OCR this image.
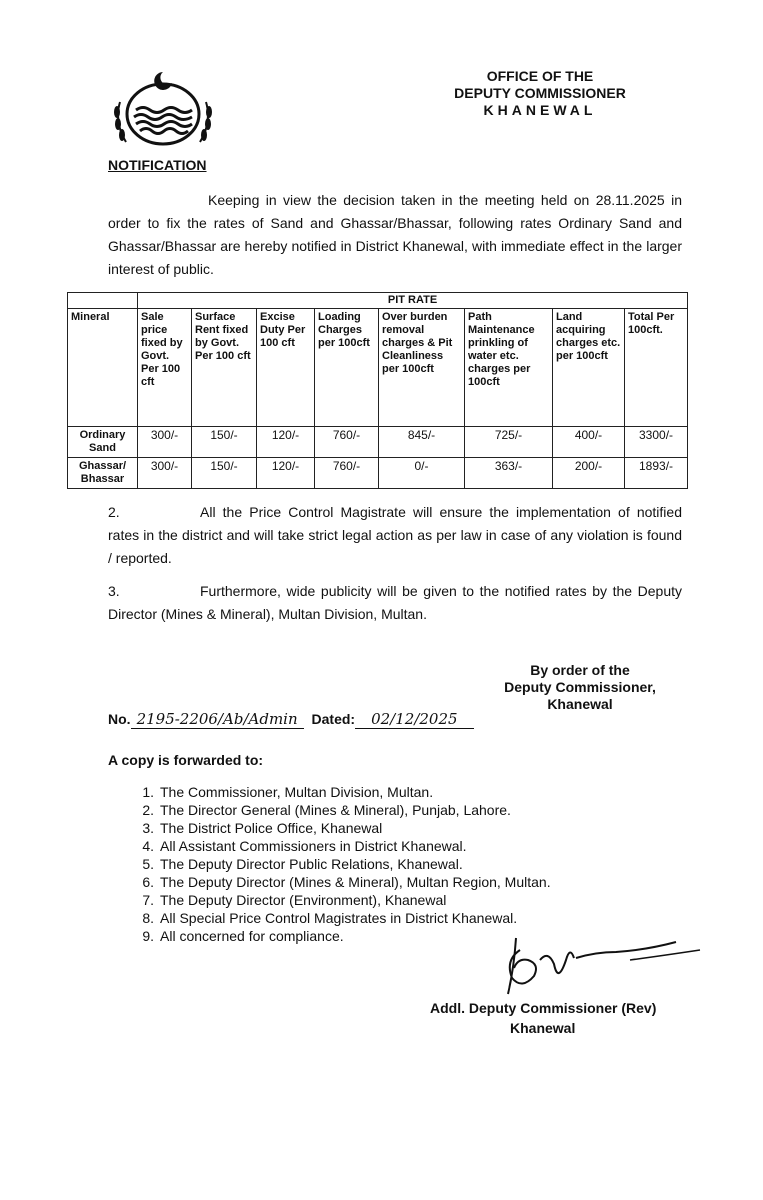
OFFICE OF THE
DEPUTY COMMISSIONER
KHANEWAL
NOTIFICATION
Keeping in view the decision taken in the meeting held on 28.11.2025 in order to fix the rates of Sand and Ghassar/Bhassar, following rates Ordinary Sand and Ghassar/Bhassar are hereby notified in District Khanewal, with immediate effect in the larger interest of public.
	PIT RATE							
Mineral	Sale price fixed by Govt. Per 100 cft	Surface Rent fixed by Govt. Per 100 cft	Excise Duty Per 100 cft	Loading Charges per 100cft	Over burden removal charges & Pit Cleanliness per 100cft	Path Maintenance prinkling of water etc. charges per 100cft	Land acquiring charges etc. per 100cft	Total Per 100cft.
Ordinary Sand	300/-	150/-	120/-	760/-	845/-	725/-	400/-	3300/-
Ghassar/ Bhassar	300/-	150/-	120/-	760/-	0/-	363/-	200/-	1893/-
2.	All the Price Control Magistrate will ensure the implementation of notified rates in the district and will take strict legal action as per law in case of any violation is found / reported.
3.	Furthermore, wide publicity will be given to the notified rates by the Deputy Director (Mines & Mineral), Multan Division, Multan.
By order of the
Deputy Commissioner,
Khanewal
No. 2195-2206/Ab/Admin Dated: 02/12/2025
A copy is forwarded to:
1. The Commissioner, Multan Division, Multan.
2. The Director General (Mines & Mineral), Punjab, Lahore.
3. The District Police Office, Khanewal
4. All Assistant Commissioners in District Khanewal.
5. The Deputy Director Public Relations, Khanewal.
6. The Deputy Director (Mines & Mineral), Multan Region, Multan.
7. The Deputy Director (Environment), Khanewal
8. All Special Price Control Magistrates in District Khanewal.
9. All concerned for compliance.
Addl. Deputy Commissioner (Rev)
Khanewal
